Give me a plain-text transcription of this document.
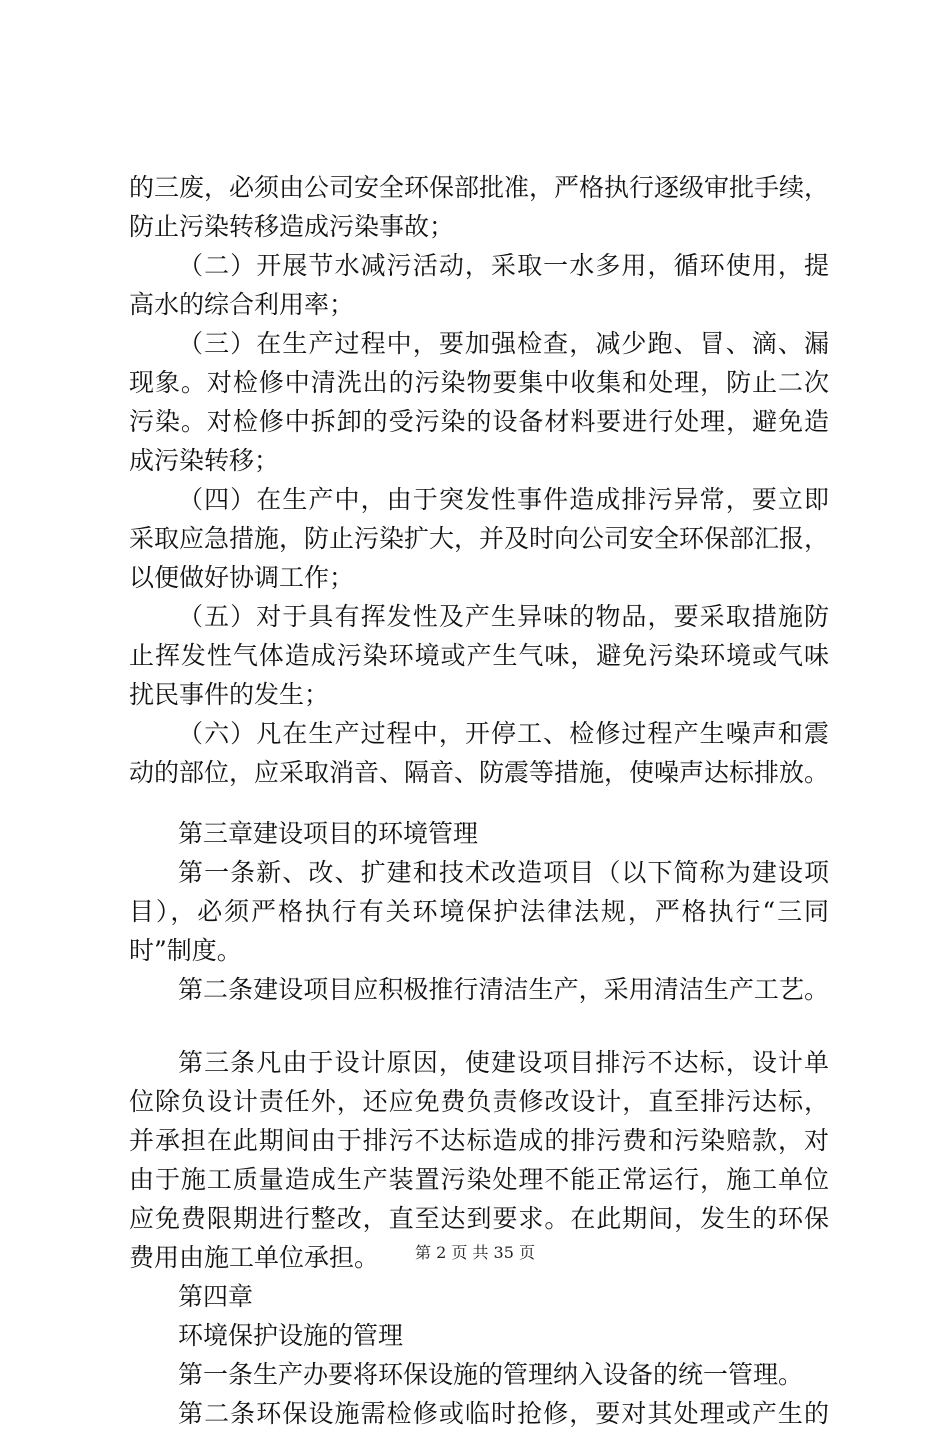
的三废，必须由公司安全环保部批准，严格执行逐级审批手续，
防止污染转移造成污染事故；
（二）开展节水减污活动，采取一水多用，循环使用，提
高水的综合利用率；
（三）在生产过程中，要加强检查，减少跑、冒、滴、漏
现象。对检修中清洗出的污染物要集中收集和处理，防止二次
污染。对检修中拆卸的受污染的设备材料要进行处理，避免造
成污染转移；
（四）在生产中，由于突发性事件造成排污异常，要立即
采取应急措施，防止污染扩大，并及时向公司安全环保部汇报，
以便做好协调工作；
（五）对于具有挥发性及产生异味的物品，要采取措施防
止挥发性气体造成污染环境或产生气味，避免污染环境或气味
扰民事件的发生；
（六）凡在生产过程中，开停工、检修过程产生噪声和震
动的部位，应采取消音、隔音、防震等措施，使噪声达标排放。
第三章建设项目的环境管理
第一条新、改、扩建和技术改造项目（以下简称为建设项
目），必须严格执行有关环境保护法律法规，严格执行“三同
时”制度。
第二条建设项目应积极推行清洁生产，采用清洁生产工艺。
第三条凡由于设计原因，使建设项目排污不达标，设计单
位除负设计责任外，还应免费负责修改设计，直至排污达标，
并承担在此期间由于排污不达标造成的排污费和污染赔款，对
由于施工质量造成生产装置污染处理不能正常运行，施工单位
应免费限期进行整改，直至达到要求。在此期间，发生的环保
费用由施工单位承担。
第四章
环境保护设施的管理
第一条生产办要将环保设施的管理纳入设备的统一管理。
第二条环保设施需检修或临时抢修，要对其处理或产生的
第 2 页 共 35 页
